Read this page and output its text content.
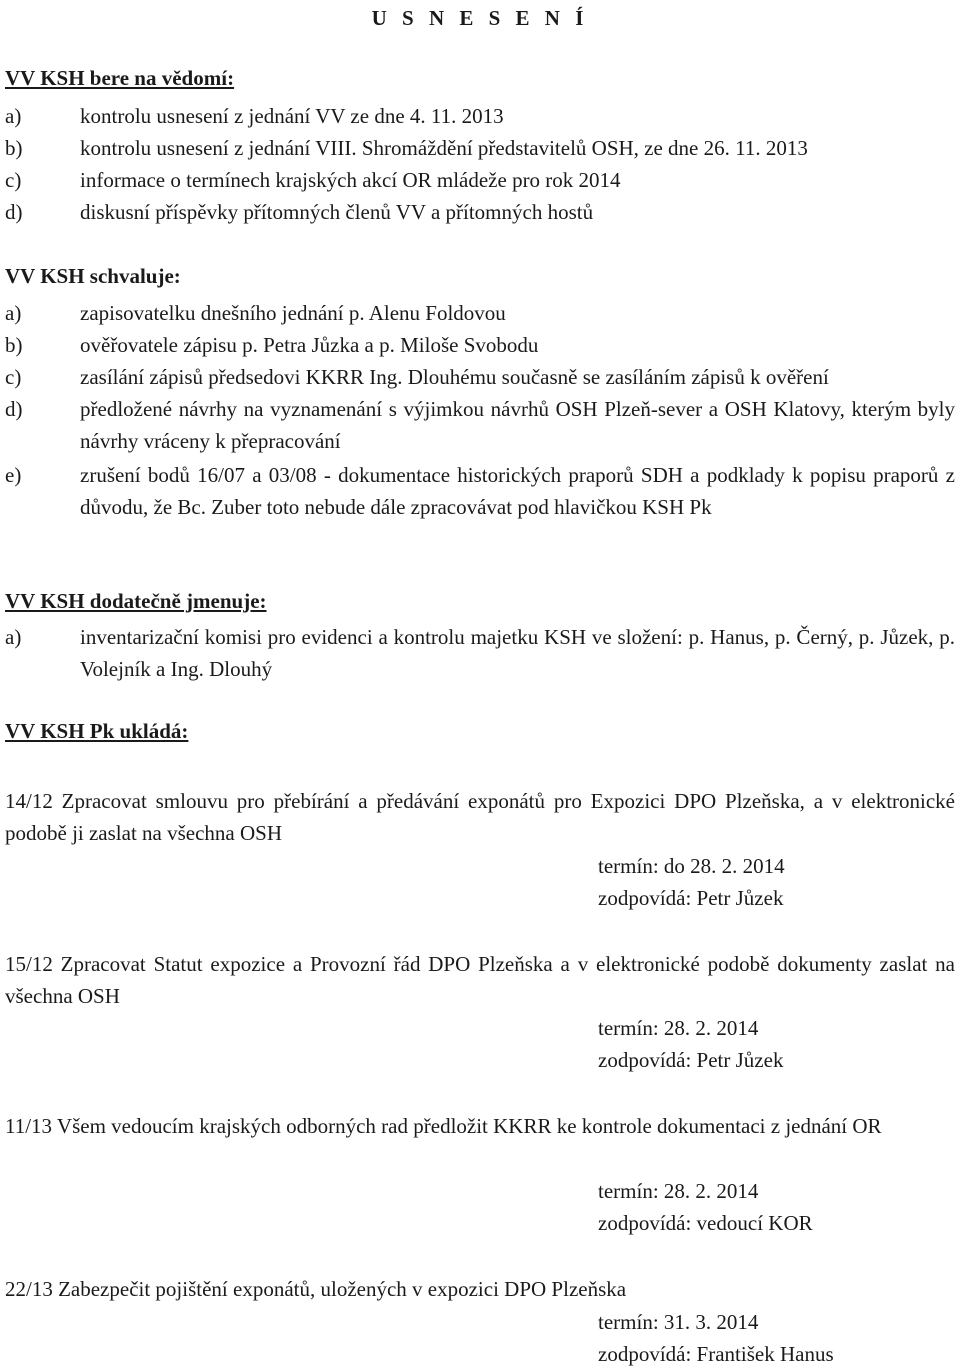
U S N E S E N Í
VV KSH bere na vědomí:
a)	kontrolu usnesení z jednání VV ze dne 4. 11. 2013
b)	kontrolu usnesení z jednání VIII. Shromáždění představitelů OSH, ze dne 26. 11. 2013
c)	informace o termínech krajských akcí OR mládeže pro rok 2014
d)	diskusní příspěvky přítomných členů VV a přítomných hostů
VV KSH schvaluje:
a)	zapisovatelku dnešního jednání p. Alenu Foldovou
b)	ověřovatele zápisu p. Petra Jůzka a p. Miloše Svobodu
c)	zasílání zápisů předsedovi KKRR Ing. Dlouhému současně se zasíláním zápisů k ověření
d)	předložené návrhy na vyznamenání s výjimkou návrhů OSH Plzeň-sever a OSH Klatovy, kterým byly návrhy vráceny k přepracování
e)	zrušení bodů 16/07 a 03/08 - dokumentace historických praporů SDH a podklady k popisu praporů z důvodu, že Bc. Zuber toto nebude dále zpracovávat pod hlavičkou KSH Pk
VV KSH dodatečně jmenuje:
a)	inventarizační komisi pro evidenci a kontrolu majetku KSH ve složení: p. Hanus, p. Černý, p. Jůzek, p. Volejník a Ing. Dlouhý
VV KSH Pk ukládá:
14/12 Zpracovat smlouvu pro přebírání a předávání exponátů pro Expozici DPO Plzeňska, a v elektronické podobě ji zaslat na všechna OSH
termín: do 28. 2. 2014
zodpovídá: Petr Jůzek
15/12 Zpracovat Statut expozice a Provozní řád DPO Plzeňska a v elektronické podobě dokumenty zaslat na všechna OSH
termín: 28. 2. 2014
zodpovídá: Petr Jůzek
11/13 Všem vedoucím krajských odborných rad předložit KKRR ke kontrole dokumentaci z jednání OR
termín: 28. 2. 2014
zodpovídá: vedoucí KOR
22/13 Zabezpečit pojištění exponátů, uložených v expozici DPO Plzeňska
termín: 31. 3. 2014
zodpovídá: František Hanus
